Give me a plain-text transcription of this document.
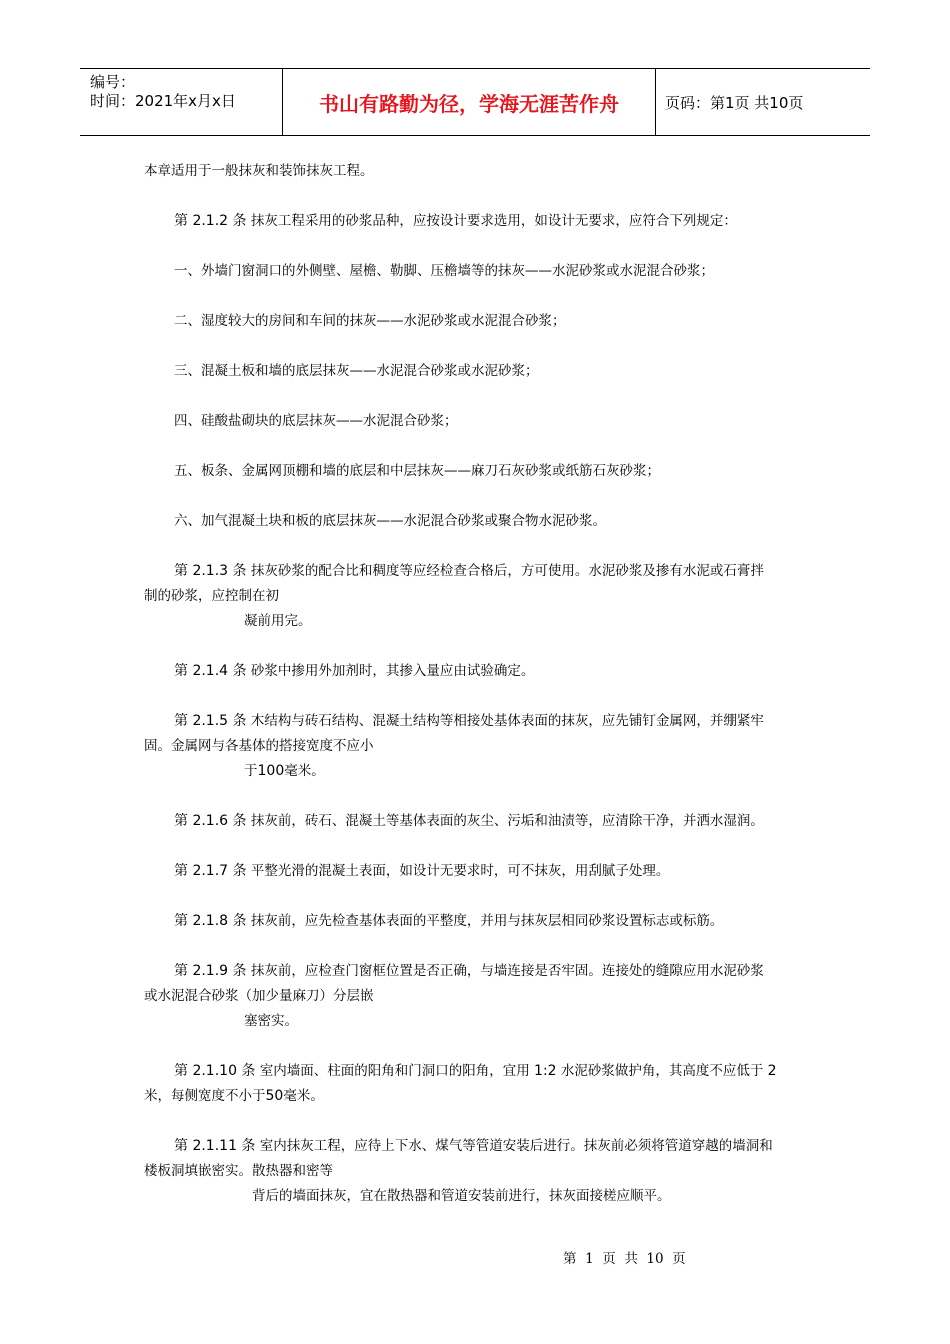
编号：
时间：2021年x月x日	书山有路勤为径，学海无涯苦作舟	页码：第1页 共10页
本章适用于一般抹灰和装饰抹灰工程。
第 2.1.2 条 抹灰工程采用的砂浆品种，应按设计要求选用，如设计无要求，应符合下列规定：
一、外墙门窗洞口的外侧壁、屋檐、勒脚、压檐墙等的抹灰——水泥砂浆或水泥混合砂浆；
二、湿度较大的房间和车间的抹灰——水泥砂浆或水泥混合砂浆；
三、混凝土板和墙的底层抹灰——水泥混合砂浆或水泥砂浆；
四、硅酸盐砌块的底层抹灰——水泥混合砂浆；
五、板条、金属网顶棚和墙的底层和中层抹灰——麻刀石灰砂浆或纸筋石灰砂浆；
六、加气混凝土块和板的底层抹灰——水泥混合砂浆或聚合物水泥砂浆。
第 2.1.3 条 抹灰砂浆的配合比和稠度等应经检查合格后，方可使用。水泥砂浆及掺有水泥或石膏拌
制的砂浆，应控制在初
凝前用完。
第 2.1.4 条 砂浆中掺用外加剂时，其掺入量应由试验确定。
第 2.1.5 条 木结构与砖石结构、混凝土结构等相接处基体表面的抹灰，应先铺钉金属网，并绷紧牢
固。金属网与各基体的搭接宽度不应小
于100毫米。
第 2.1.6 条 抹灰前，砖石、混凝土等基体表面的灰尘、污垢和油渍等，应清除干净，并洒水湿润。
第 2.1.7 条 平整光滑的混凝土表面，如设计无要求时，可不抹灰，用刮腻子处理。
第 2.1.8 条 抹灰前，应先检查基体表面的平整度，并用与抹灰层相同砂浆设置标志或标筋。
第 2.1.9 条 抹灰前，应检查门窗框位置是否正确，与墙连接是否牢固。连接处的缝隙应用水泥砂浆
或水泥混合砂浆（加少量麻刀）分层嵌
塞密实。
第 2.1.10 条 室内墙面、柱面的阳角和门洞口的阳角，宜用 1:2 水泥砂浆做护角，其高度不应低于 2
米，每侧宽度不小于50毫米。
第 2.1.11 条 室内抹灰工程，应待上下水、煤气等管道安装后进行。抹灰前必须将管道穿越的墙洞和
楼板洞填嵌密实。散热器和密等
背后的墙面抹灰，宜在散热器和管道安装前进行，抹灰面接槎应顺平。
第  1  页  共  10  页
